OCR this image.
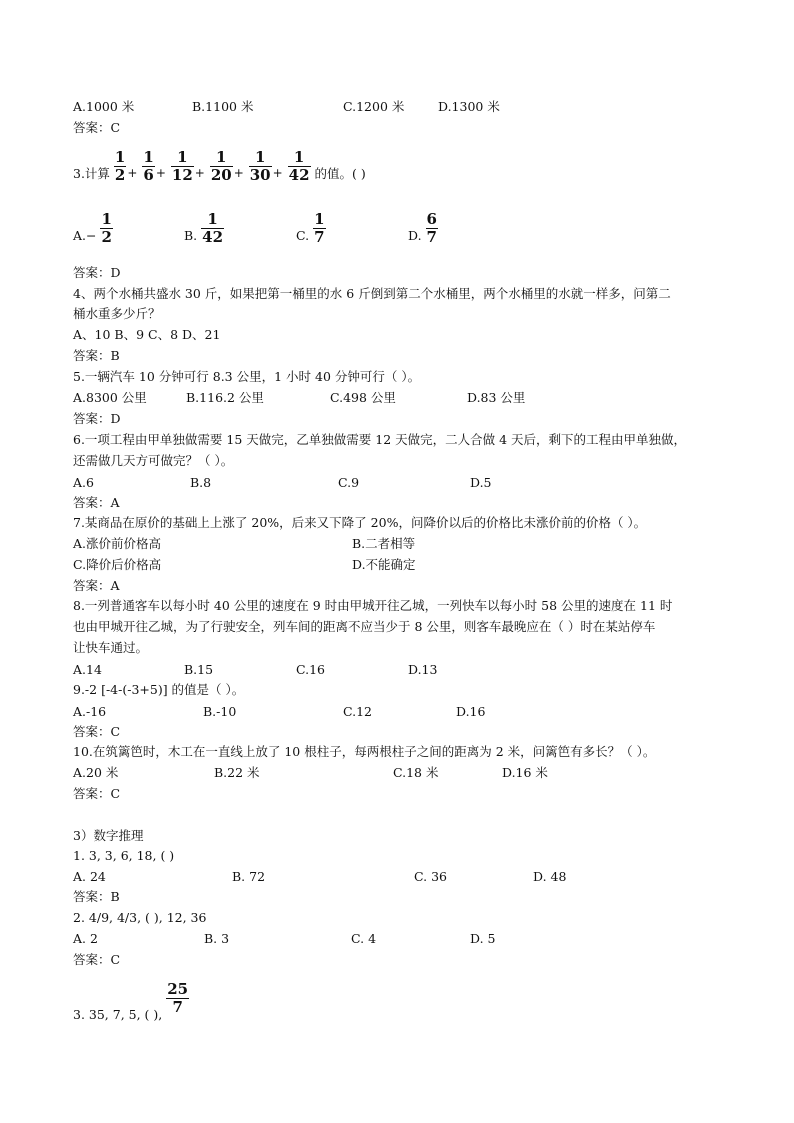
A.1000 米	B.1100 米	C.1200 米	D.1300 米
答案：C
3.计算 $\frac{1}{2} + \frac{1}{6} + \frac{1}{12} + \frac{1}{20} + \frac{1}{30} + \frac{1}{42}$ 的值。( )
$A.- \frac{1}{2}$	B. $\frac{1}{42}$	C. $\frac{1}{7}$	D. $\frac{6}{7}$
答案：D
4、两个水桶共盛水 30 斤，如果把第一桶里的水 6 斤倒到第二个水桶里，两个水桶里的水就一样多，问第二
桶水重多少斤？
A、10 B、9 C、8 D、21
答案：B
5.一辆汽车 10 分钟可行 8.3 公里，1 小时 40 分钟可行（ ）。
A.8300 公里	B.116.2 公里	C.498 公里	D.83 公里
答案：D
6.一项工程由甲单独做需要 15 天做完，乙单独做需要 12 天做完，二人合做 4 天后，剩下的工程由甲单独做，
还需做几天方可做完？（ ）。
A.6	B.8	C.9	D.5
答案：A
7.某商品在原价的基础上上涨了 20%，后来又下降了 20%，问降价以后的价格比未涨价前的价格（ ）。
A.涨价前价格高	B.二者相等
C.降价后价格高	D.不能确定
答案：A
8.一列普通客车以每小时 40 公里的速度在 9 时由甲城开往乙城，一列快车以每小时 58 公里的速度在 11 时
也由甲城开往乙城，为了行驶安全，列车间的距离不应当少于 8 公里，则客车最晚应在（ ）时在某站停车
让快车通过。
A.14	B.15	C.16	D.13
9.-2 [-4-(-3+5)] 的值是（ ）。
A.-16	B.-10	C.12	D.16
答案：C
10.在筑篱笆时，木工在一直线上放了 10 根柱子，每两根柱子之间的距离为 2 米，问篱笆有多长？（ ）。
A.20 米	B.22 米	C.18 米	D.16 米
答案：C
3）数字推理
1. 3, 3, 6, 18, ( )
A. 24	B. 72	C. 36	D. 48
答案：B
2. 4/9, 4/3, ( ), 12, 36
A. 2	B. 3	C. 4	D. 5
答案：C
3. 35, 7, 5, ( ), $\frac{25}{7}$
